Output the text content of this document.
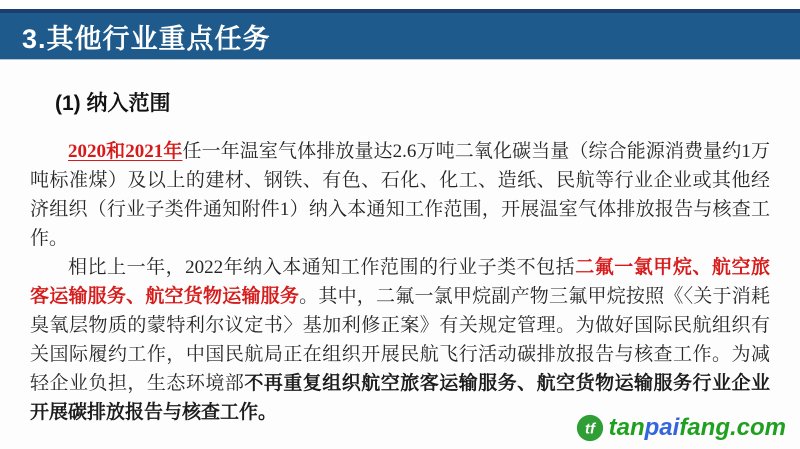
3.其他行业重点任务
(1) 纳入范围

2020和2021年任一年温室气体排放量达2.6万吨二氧化碳当量（综合能源消费量约1万吨标准煤）及以上的建材、钢铁、有色、石化、化工、造纸、民航等行业企业或其他经济组织（行业子类件通知附件1）纳入本通知工作范围，开展温室气体排放报告与核查工作。

相比上一年，2022年纳入本通知工作范围的行业子类不包括二氟一氯甲烷、航空旅客运输服务、航空货物运输服务。其中，二氟一氯甲烷副产物三氟甲烷按照《〈关于消耗臭氧层物质的蒙特利尔议定书〉基加利修正案》有关规定管理。为做好国际民航组织有关国际履约工作，中国民航局正在组织开展民航飞行活动碳排放报告与核查工作。为减轻企业负担，生态环境部不再重复组织航空旅客运输服务、航空货物运输服务行业企业开展碳排放报告与核查工作。

tf tanpaifang.com
